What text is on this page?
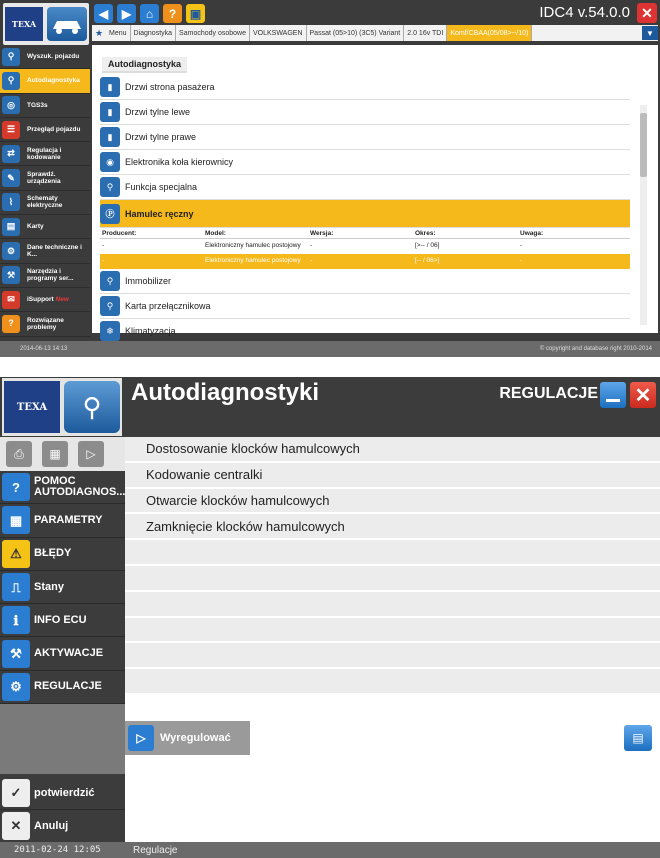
TEXA
◀	▶	⌂	?	▣	IDC4 v.54.0.0 ✕
★ Menu	Diagnostyka	Samochody osobowe	VOLKSWAGEN	Passat (05>10) (3C5) Variant	2.0 16v TDI	Komf/CBAA(05/08>--/10)	▼
⚲	Wyszuk. pojazdu
⚲	Autodiagnostyka
◎	TGS3s
☰	Przegląd pojazdu
⇄	Regulacja i kodowanie
✎	Sprawdź. urządzenia
⌇	Schematy elektryczne
▤	Karty
⚙	Dane techniczne i K...
⚒	Narzędzia i programy ser...
✉	iSupport
New
?	Rozwiązane problemy
Autodiagnostyka
▮	Drzwi strona pasażera
▮	Drzwi tylne lewe
▮	Drzwi tylne prawe
◉	Elektronika koła kierownicy
⚲	Funkcja specjalna
Ⓟ	Hamulec ręczny
Producent:	Model:	Wersja:	Okres:	Uwaga:
-	Elektroniczny hamulec postojowy	-	[>-- / 06]	-
-	Elektroniczny hamulec postojowy	-	[-- / 06>]	-
⚲	Immobilizer
⚲	Karta przełącznikowa
❄	Klimatyzacja
2014-06-13 14:13	© copyright and database right 2010-2014
TEXA	⚲	Autodiagnostyki	REGULACJE ✕
⎙	▦	▷
?	POMOC AUTODIAGNOS...
▦	PARAMETRY
⚠	BŁĘDY
⎍	Stany
ℹ	INFO ECU
⚒	AKTYWACJE
⚙	REGULACJE
Dostosowanie klocków hamulcowych
Kodowanie centralki
Otwarcie klocków hamulcowych
Zamknięcie klocków hamulcowych
▷	Wyregulować	▤
✓	potwierdzić
✕	Anuluj
2011-02-24 12:05	Regulacje
